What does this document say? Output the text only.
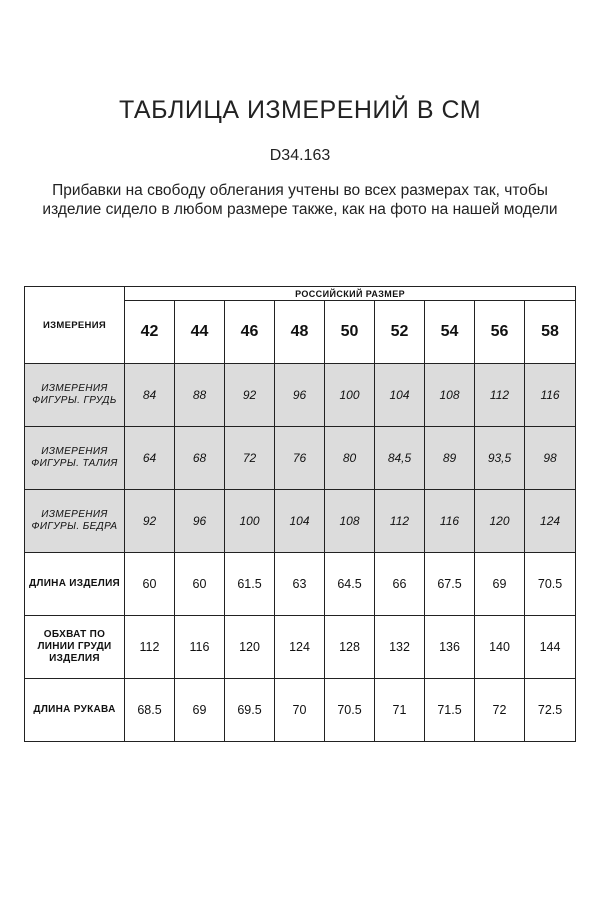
ТАБЛИЦА ИЗМЕРЕНИЙ В СМ
D34.163
Прибавки на свободу облегания учтены во всех размерах так, чтобы изделие сидело в любом размере также, как на фото на нашей модели
ИЗМЕРЕНИЯ	РОССИЙСКИЙ РАЗМЕР								
	42	44	46	48	50	52	54	56	58
ИЗМЕРЕНИЯ ФИГУРЫ. ГРУДЬ	84	88	92	96	100	104	108	112	116
ИЗМЕРЕНИЯ ФИГУРЫ. ТАЛИЯ	64	68	72	76	80	84,5	89	93,5	98
ИЗМЕРЕНИЯ ФИГУРЫ. БЕДРА	92	96	100	104	108	112	116	120	124
ДЛИНА ИЗДЕЛИЯ	60	60	61.5	63	64.5	66	67.5	69	70.5
ОБХВАТ ПО ЛИНИИ ГРУДИ ИЗДЕЛИЯ	112	116	120	124	128	132	136	140	144
ДЛИНА РУКАВА	68.5	69	69.5	70	70.5	71	71.5	72	72.5
